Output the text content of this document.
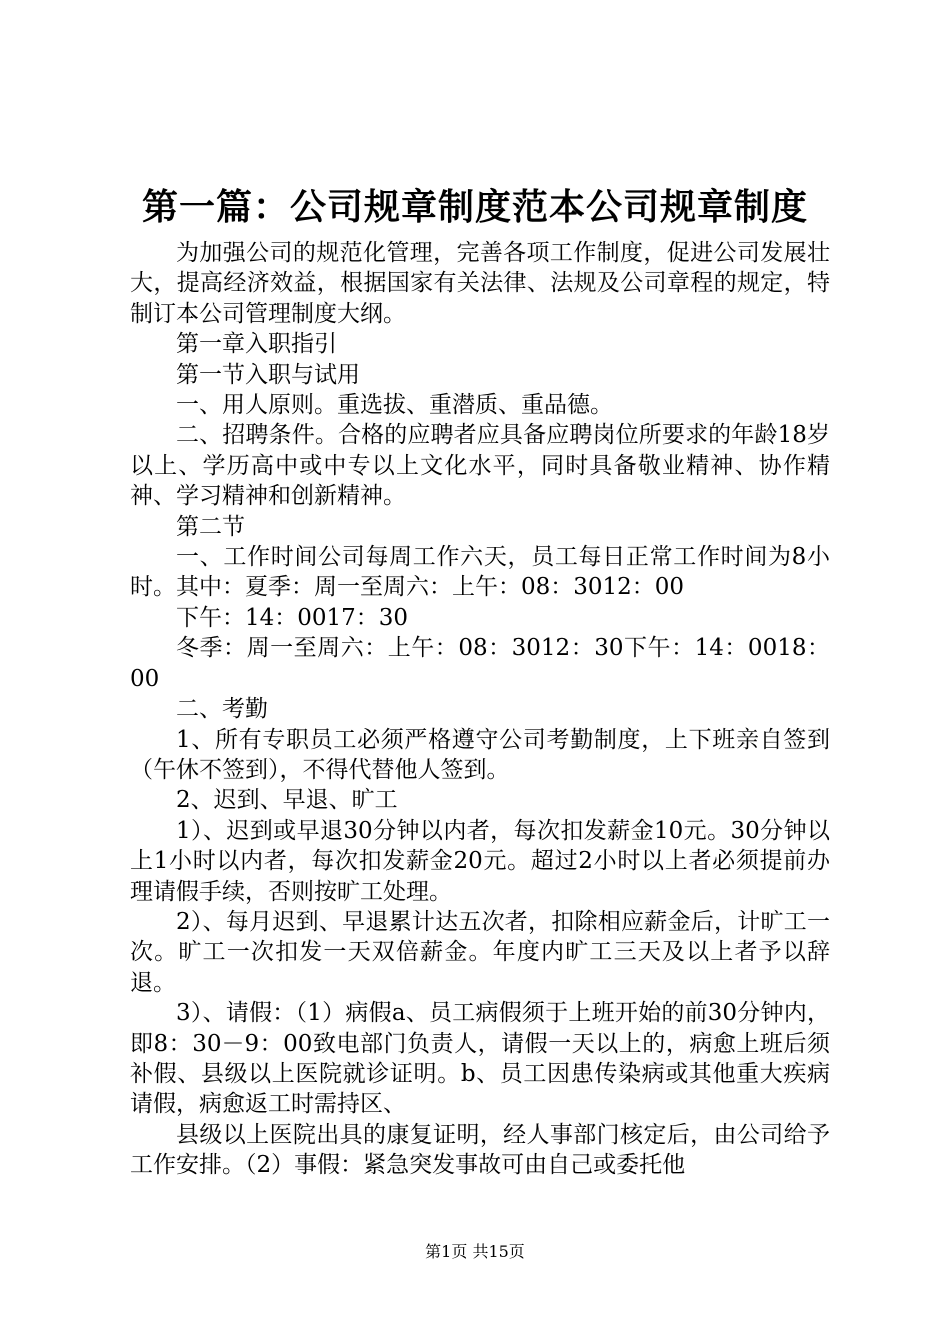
第一篇：公司规章制度范本公司规章制度

为加强公司的规范化管理，完善各项工作制度，促进公司发展壮大，提高经济效益，根据国家有关法律、法规及公司章程的规定，特制订本公司管理制度大纲。

第一章入职指引

第一节入职与试用

一、用人原则。重选拔、重潜质、重品德。

二、招聘条件。合格的应聘者应具备应聘岗位所要求的年龄18岁以上、学历高中或中专以上文化水平，同时具备敬业精神、协作精神、学习精神和创新精神。

第二节

一、工作时间公司每周工作六天，员工每日正常工作时间为8小时。其中：夏季：周一至周六：上午：08：3012：00

下午：14：0017：30

冬季：周一至周六：上午：08：3012：30下午：14：0018：00

二、考勤

1、所有专职员工必须严格遵守公司考勤制度，上下班亲自签到（午休不签到），不得代替他人签到。

2、迟到、早退、旷工

1）、迟到或早退30分钟以内者，每次扣发薪金10元。30分钟以上1小时以内者，每次扣发薪金20元。超过2小时以上者必须提前办理请假手续，否则按旷工处理。

2）、每月迟到、早退累计达五次者，扣除相应薪金后，计旷工一次。旷工一次扣发一天双倍薪金。年度内旷工三天及以上者予以辞退。

3）、请假：（1）病假a、员工病假须于上班开始的前30分钟内，即8：30－9：00致电部门负责人，请假一天以上的，病愈上班后须补假、县级以上医院就诊证明。b、员工因患传染病或其他重大疾病请假，病愈返工时需持区、

县级以上医院出具的康复证明，经人事部门核定后，由公司给予工作安排。（2）事假：紧急突发事故可由自己或委托他

第1页 共15页
